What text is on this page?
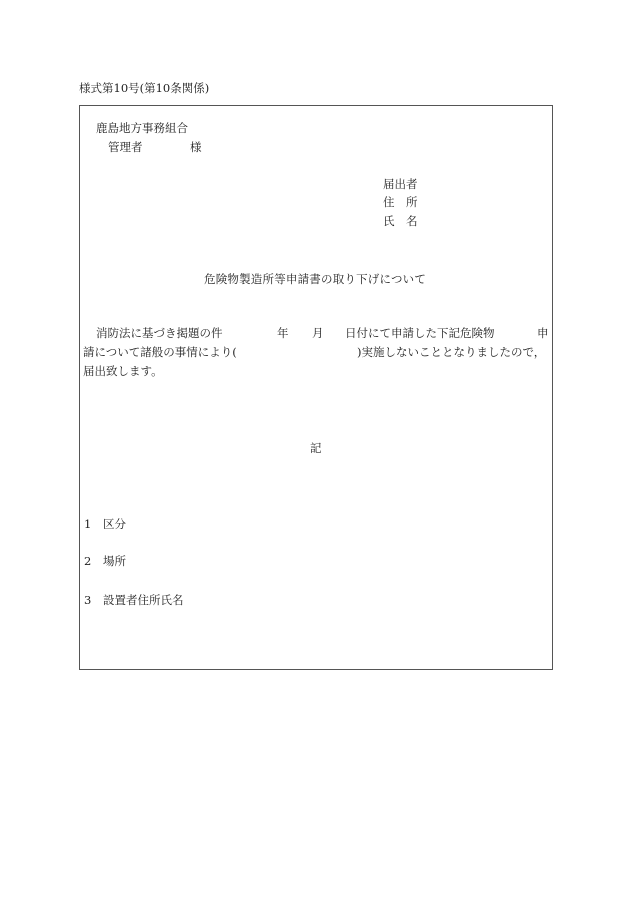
様式第10号(第10条関係)
鹿島地方事務組合
管理者	様
届出者
住　所
氏　名
危険物製造所等申請書の取り下げについて
消防法に基づき掲題の件	年 月 日付にて申請した下記危険物	申
請について諸般の事情により(	)実施しないこととなりましたので，
届出致します。
記
1 区分
2 場所
3 設置者住所氏名
